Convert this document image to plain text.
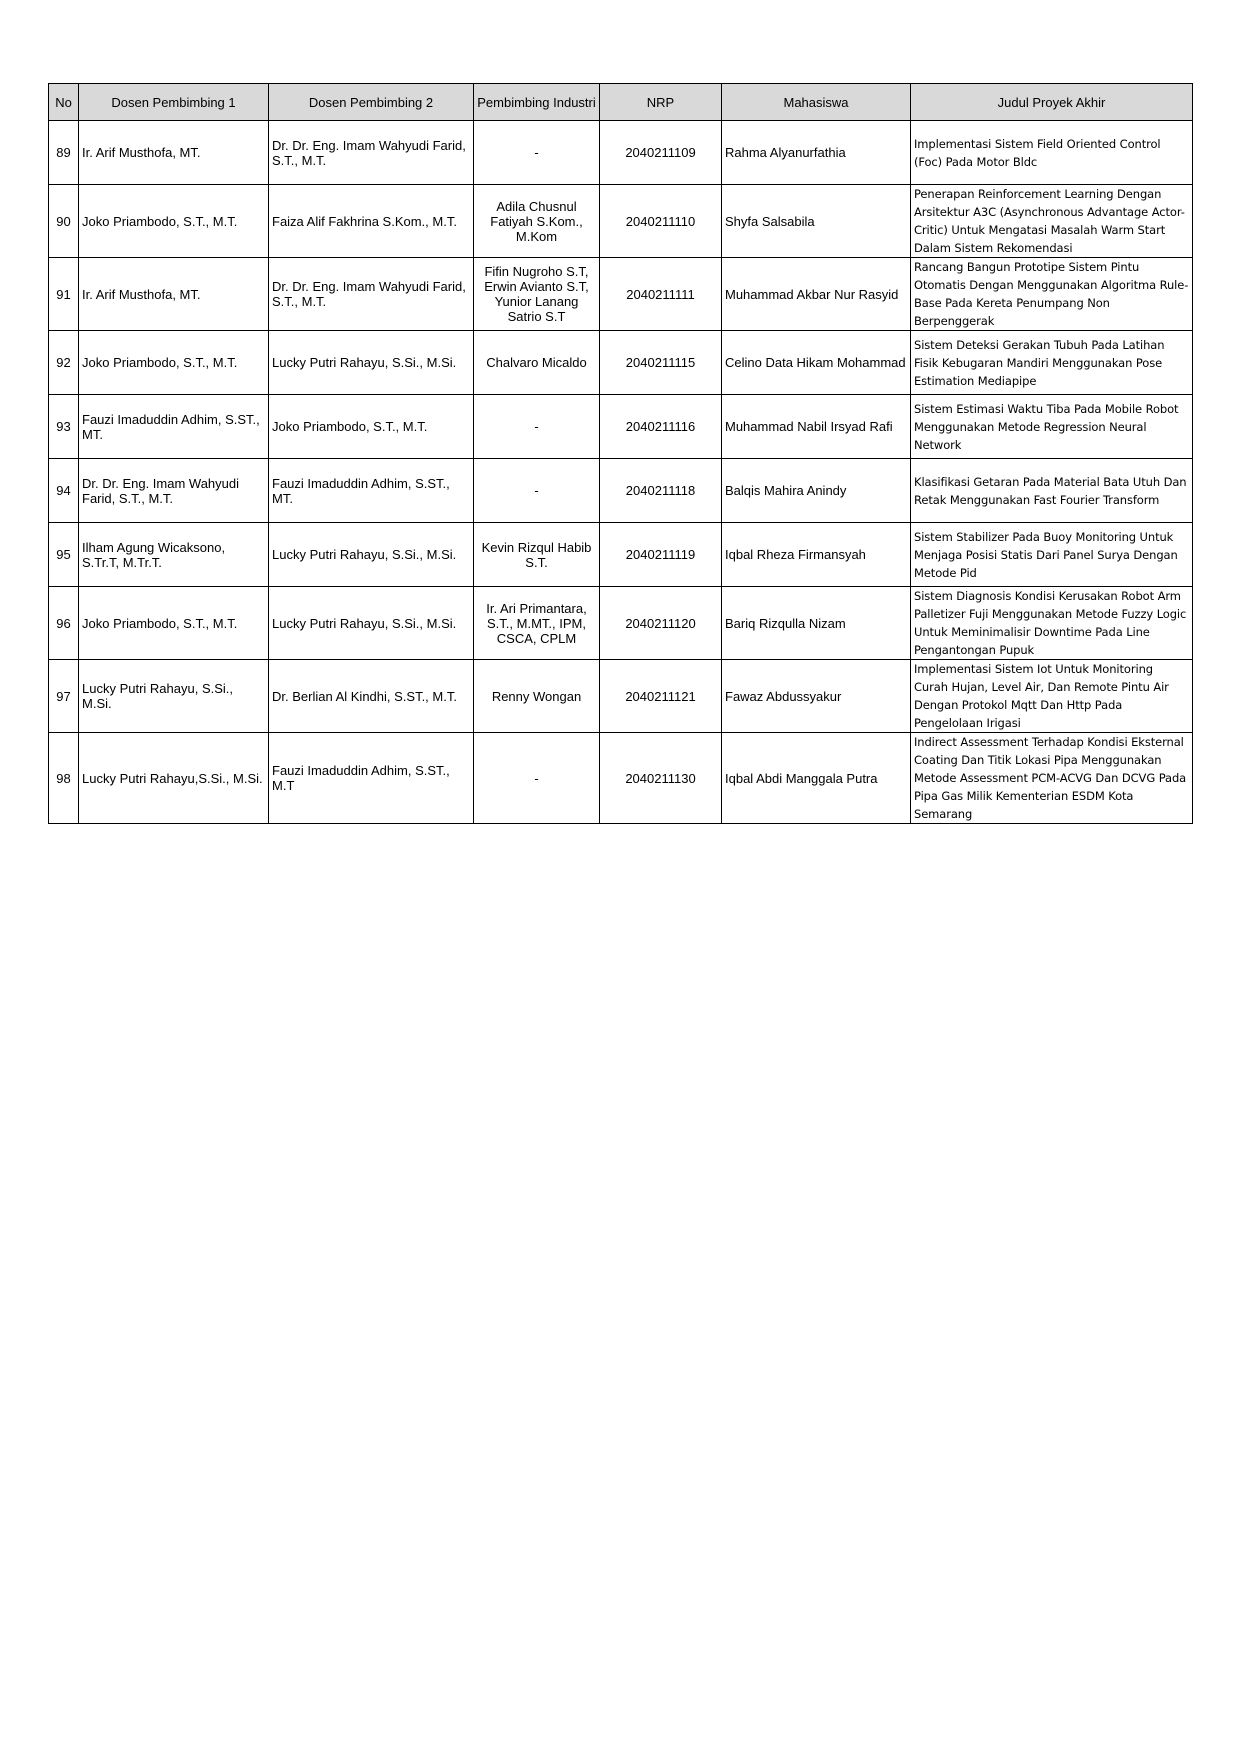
No	Dosen Pembimbing 1	Dosen Pembimbing 2	Pembimbing Industri	NRP	Mahasiswa	Judul Proyek Akhir
89	Ir. Arif Musthofa, MT.	Dr. Dr. Eng. Imam Wahyudi Farid, S.T., M.T.	-	2040211109	Rahma Alyanurfathia	Implementasi Sistem Field Oriented Control (Foc) Pada Motor Bldc
90	Joko Priambodo, S.T., M.T.	Faiza Alif Fakhrina S.Kom., M.T.	Adila Chusnul Fatiyah S.Kom., M.Kom	2040211110	Shyfa Salsabila	Penerapan Reinforcement Learning Dengan Arsitektur A3C (Asynchronous Advantage Actor-Critic) Untuk Mengatasi Masalah Warm Start Dalam Sistem Rekomendasi
91	Ir. Arif Musthofa, MT.	Dr. Dr. Eng. Imam Wahyudi Farid, S.T., M.T.	Fifin Nugroho S.T, Erwin Avianto S.T, Yunior Lanang Satrio S.T	2040211111	Muhammad Akbar Nur Rasyid	Rancang Bangun Prototipe Sistem Pintu Otomatis Dengan Menggunakan Algoritma Rule-Base Pada Kereta Penumpang Non Berpenggerak
92	Joko Priambodo, S.T., M.T.	Lucky Putri Rahayu, S.Si., M.Si.	Chalvaro Micaldo	2040211115	Celino Data Hikam Mohammad	Sistem Deteksi Gerakan Tubuh Pada Latihan Fisik Kebugaran Mandiri Menggunakan Pose Estimation Mediapipe
93	Fauzi Imaduddin Adhim, S.ST., MT.	Joko Priambodo, S.T., M.T.	-	2040211116	Muhammad Nabil Irsyad Rafi	Sistem Estimasi Waktu Tiba Pada Mobile Robot Menggunakan Metode Regression Neural Network
94	Dr. Dr. Eng. Imam Wahyudi Farid, S.T., M.T.	Fauzi Imaduddin Adhim, S.ST., MT.	-	2040211118	Balqis Mahira Anindy	Klasifikasi Getaran Pada Material Bata Utuh Dan Retak Menggunakan Fast Fourier Transform
95	Ilham Agung Wicaksono, S.Tr.T, M.Tr.T.	Lucky Putri Rahayu, S.Si., M.Si.	Kevin Rizqul Habib S.T.	2040211119	Iqbal Rheza Firmansyah	Sistem Stabilizer Pada Buoy Monitoring Untuk Menjaga Posisi Statis Dari Panel Surya Dengan Metode Pid
96	Joko Priambodo, S.T., M.T.	Lucky Putri Rahayu, S.Si., M.Si.	Ir. Ari Primantara, S.T., M.MT., IPM, CSCA, CPLM	2040211120	Bariq Rizqulla Nizam	Sistem Diagnosis Kondisi Kerusakan Robot Arm Palletizer Fuji Menggunakan Metode Fuzzy Logic Untuk Meminimalisir Downtime Pada Line Pengantongan Pupuk
97	Lucky Putri Rahayu, S.Si., M.Si.	Dr. Berlian Al Kindhi, S.ST., M.T.	Renny Wongan	2040211121	Fawaz Abdussyakur	Implementasi Sistem Iot Untuk Monitoring Curah Hujan, Level Air, Dan Remote Pintu Air Dengan Protokol Mqtt Dan Http Pada Pengelolaan Irigasi
98	Lucky Putri Rahayu,S.Si., M.Si.	Fauzi Imaduddin Adhim, S.ST., M.T	-	2040211130	Iqbal Abdi Manggala Putra	Indirect Assessment Terhadap Kondisi Eksternal Coating Dan Titik Lokasi Pipa Menggunakan Metode Assessment PCM-ACVG Dan DCVG Pada Pipa Gas Milik Kementerian ESDM Kota Semarang
